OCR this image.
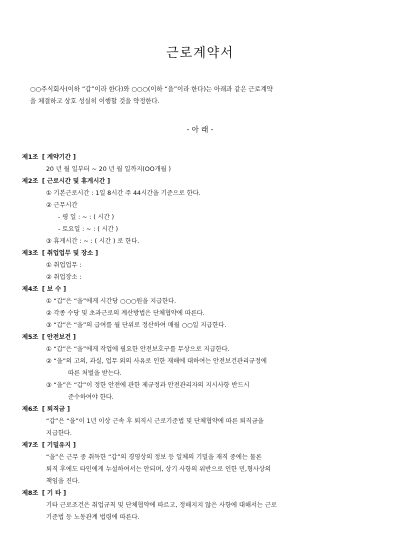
근로계약서
○○주식회사(이하 “갑”이라 한다)와 ○○○(이하 “을”이라 한다)는 아래과 같은 근로계약
을 체결하고 상호 성실히 이행할 것을 약정한다.
- 아 래 -
제1조 [ 계약기간 ]
20 년 월 일부터 ~ 20 년 월 일까지(OO개월 )
제2조 [ 근로시간 및 휴게시간 ]
① 기본근로시간 : 1일 8시간 주 44시간을 기준으로 한다.
② 근무시간
- 평 일 : ~ : ( 시간 )
- 토요일 : ~ : ( 시간 )
③ 휴게시간 : ~ : ( 시간 ) 로 한다.
제3조 [ 취업업무 및 장소 ]
① 취업업무 :
② 취업장소 :
제4조 [ 보 수 ]
① “갑”은 “을”에게 시간당 ○○○원을 지급한다.
② 각종 수당 및 초과근로의 계산방법은 단체협약에 따른다.
③ “갑”은 “을”의 급여를 월 단위로 정산하여 매월 ○○일 지급한다.
제5조 [ 안전보건 ]
① “갑”은 “을”에게 작업에 필요한 안전보호구를 무상으로 지급한다.
② “을”의 고의, 과실, 업무 외의 사유로 인한 재해에 대하여는 안전보건관리규정에
따른 처벌을 받는다.
③ “을”은 “갑”이 정한 안전에 관한 제규정과 안전관리자의 지시사항 반드시
준수하여야 한다.
제6조 [ 퇴직금 ]
“갑”은 “을”이 1년 이상 근속 후 퇴직시 근로기준법 및 단체협약에 따른 퇴직금을
지급한다.
제7조 [ 기밀유지 ]
“을”은 근무 중 취득한 “갑”의 경영상의 정보 등 일체의 기밀을 재직 중에는 물론
퇴직 후에도 타인에게 누설하여서는 안되며, 상기 사항의 위반으로 인한 민,형사상의
책임을 진다.
제8조 [ 기 타 ]
기타 근로조건은 취업규칙 및 단체협약에 따르고, 정해지지 않은 사항에 대해서는 근로
기준법 등 노동관계 법령에 따른다.
